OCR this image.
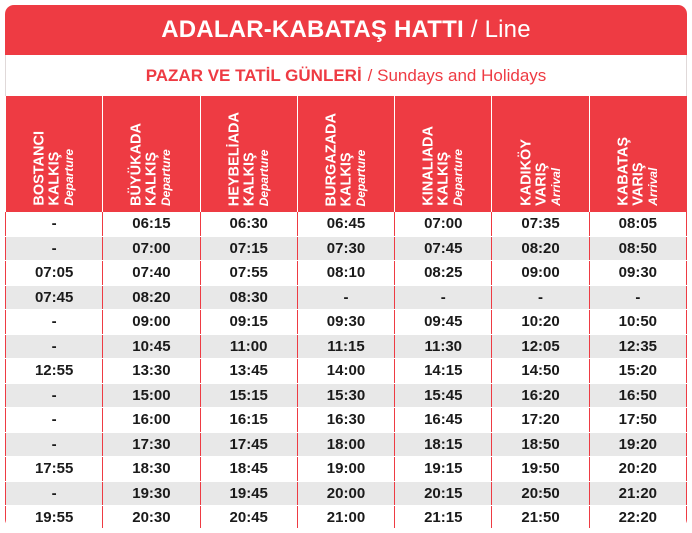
ADALAR-KABATAŞ HATTI / Line
PAZAR VE TATİL GÜNLERİ / Sundays and Holidays
BOSTANCI KALKIŞ Departure	BÜYÜKADA KALKIŞ Departure	HEYBELİADA KALKIŞ Departure	BURGAZADA KALKIŞ Departure	KINALIADA KALKIŞ Departure	KADIKÖY VARIŞ Arrival	KABATAŞ VARIŞ Arrival

-	06:15	06:30	06:45	07:00	07:35	08:05
-	07:00	07:15	07:30	07:45	08:20	08:50
07:05	07:40	07:55	08:10	08:25	09:00	09:30
07:45	08:20	08:30	-	-	-	-
-	09:00	09:15	09:30	09:45	10:20	10:50
-	10:45	11:00	11:15	11:30	12:05	12:35
12:55	13:30	13:45	14:00	14:15	14:50	15:20
-	15:00	15:15	15:30	15:45	16:20	16:50
-	16:00	16:15	16:30	16:45	17:20	17:50
-	17:30	17:45	18:00	18:15	18:50	19:20
17:55	18:30	18:45	19:00	19:15	19:50	20:20
-	19:30	19:45	20:00	20:15	20:50	21:20
19:55	20:30	20:45	21:00	21:15	21:50	22:20
